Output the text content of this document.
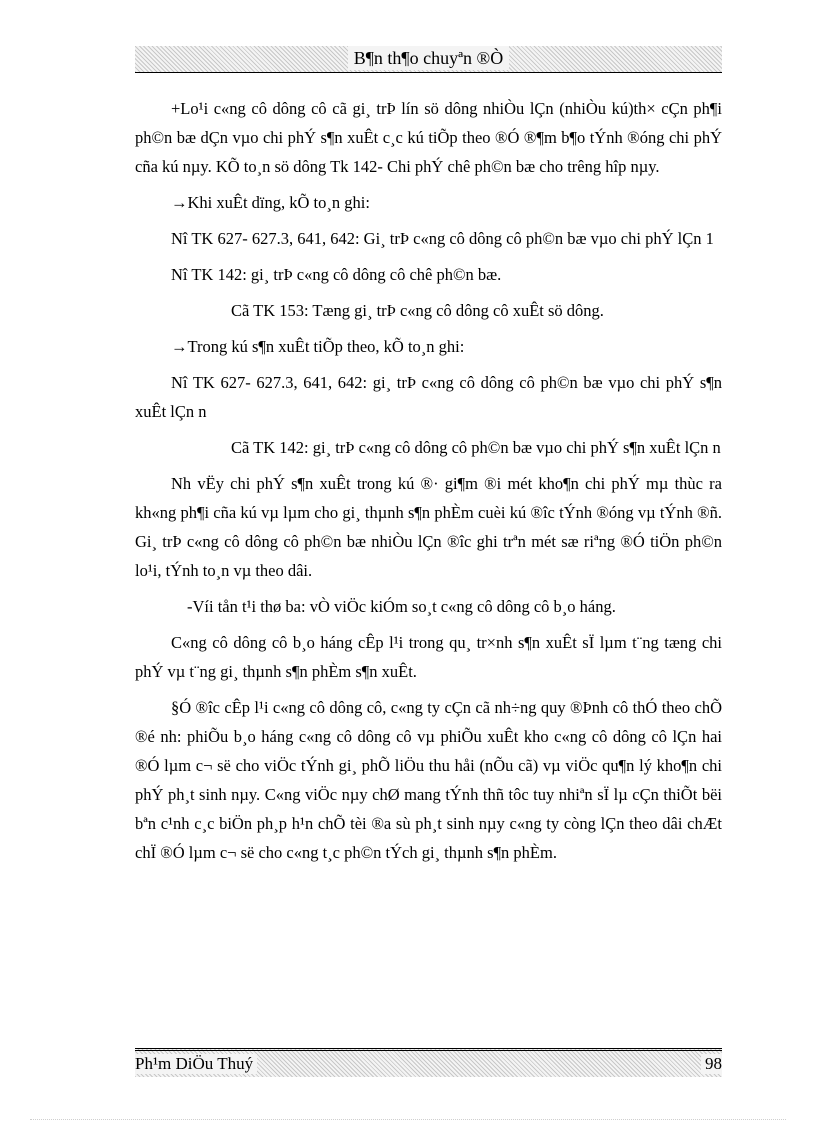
B¶n th¶o chuyªn ®Ò

+Lo¹i c«ng cô dông cô cã gi¸ trÞ lín sö dông nhiÒu lÇn (nhiÒu kú)th× cÇn ph¶i ph©n bæ dÇn vµo chi phÝ s¶n xuÊt c¸c kú tiÕp theo ®Ó ®¶m b¶o tÝnh ®óng chi phÝ cña kú nµy. KÕ to¸n sö dông Tk 142- Chi phÝ chê ph©n bæ cho trêng hîp nµy.

→Khi xuÊt dïng, kÕ to¸n ghi:

Nî TK 627- 627.3, 641, 642: Gi¸ trÞ c«ng cô dông cô ph©n bæ vµo chi phÝ lÇn 1

Nî TK 142: gi¸ trÞ c«ng cô dông cô chê ph©n bæ.

Cã TK 153: Tæng gi¸ trÞ c«ng cô dông cô xuÊt sö dông.

→Trong kú s¶n xuÊt tiÕp theo, kÕ to¸n ghi:

Nî TK 627- 627.3, 641, 642: gi¸ trÞ c«ng cô dông cô ph©n bæ vµo chi phÝ s¶n xuÊt lÇn n

Cã TK 142: gi¸ trÞ c«ng cô dông cô ph©n bæ vµo chi phÝ s¶n xuÊt lÇn n

Nh vËy chi phÝ s¶n xuÊt trong kú ®· gi¶m ®i mét kho¶n chi phÝ mµ thùc ra kh«ng ph¶i cña kú vµ lµm cho gi¸ thµnh s¶n phÈm cuèi kú ®îc tÝnh ®óng vµ tÝnh ®ñ. Gi¸ trÞ c«ng cô dông cô ph©n bæ nhiÒu lÇn ®îc ghi trªn mét sæ riªng ®Ó tiÖn ph©n lo¹i, tÝnh to¸n vµ theo dâi.

-Víi tån t¹i thø ba: vÒ viÖc kiÓm so¸t c«ng cô dông cô b¸o háng.

C«ng cô dông cô b¸o háng cÊp l¹i trong qu¸ tr×nh s¶n xuÊt sÏ lµm t¨ng tæng chi phÝ vµ t¨ng gi¸ thµnh s¶n phÈm s¶n xuÊt.

§Ó ®îc cÊp l¹i c«ng cô dông cô, c«ng ty cÇn cã nh÷ng quy ®Þnh cô thÓ theo chÕ ®é nh: phiÕu b¸o háng c«ng cô dông cô vµ phiÕu xuÊt kho c«ng cô dông cô lÇn hai ®Ó lµm c¬ së cho viÖc tÝnh gi¸ phÕ liÖu thu håi (nÕu cã) vµ viÖc qu¶n lý kho¶n chi phÝ ph¸t sinh nµy. C«ng viÖc nµy chØ mang tÝnh thñ tôc tuy nhiªn sÏ lµ cÇn thiÕt bëi bªn c¹nh c¸c biÖn ph¸p h¹n chÕ tèi ®a sù ph¸t sinh nµy c«ng ty còng lÇn theo dâi chÆt chÏ ®Ó lµm c¬ së cho c«ng t¸c ph©n tÝch gi¸ thµnh s¶n phÈm.

Ph¹m DiÖu Thuý	98
